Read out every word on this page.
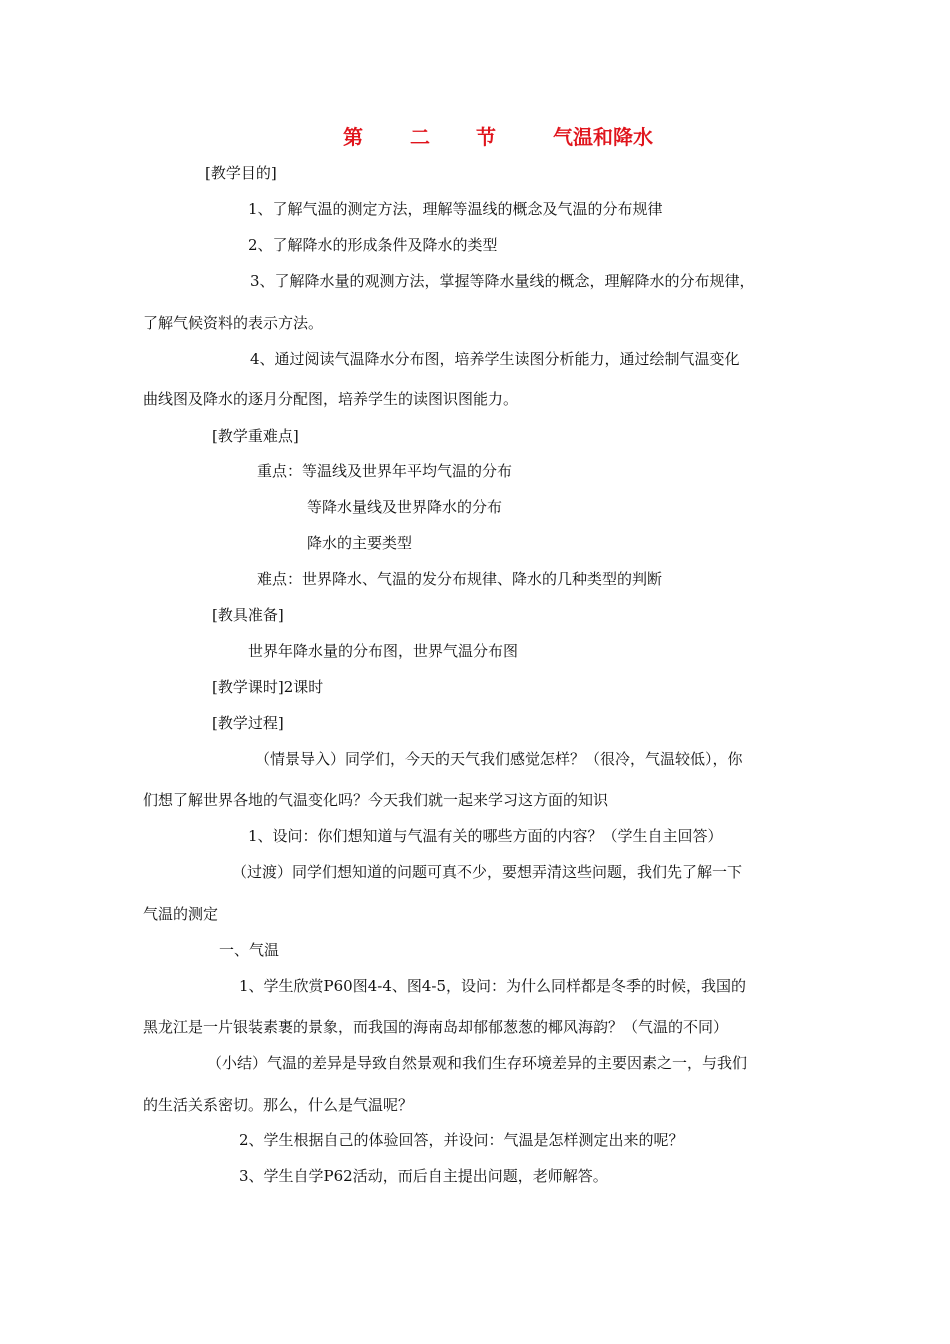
第 二 节	气温和降水
[教学目的]
1、了解气温的测定方法，理解等温线的概念及气温的分布规律
2、了解降水的形成条件及降水的类型
3、了解降水量的观测方法，掌握等降水量线的概念，理解降水的分布规律，
了解气候资料的表示方法。
4、通过阅读气温降水分布图，培养学生读图分析能力，通过绘制气温变化
曲线图及降水的逐月分配图，培养学生的读图识图能力。
[教学重难点]
重点：等温线及世界年平均气温的分布
等降水量线及世界降水的分布
降水的主要类型
难点：世界降水、气温的发分布规律、降水的几种类型的判断
[教具准备]
世界年降水量的分布图，世界气温分布图
[教学课时]2课时
[教学过程]
（情景导入）同学们，今天的天气我们感觉怎样？（很冷，气温较低），你
们想了解世界各地的气温变化吗？今天我们就一起来学习这方面的知识
1、设问：你们想知道与气温有关的哪些方面的内容？（学生自主回答）
（过渡）同学们想知道的问题可真不少，要想弄清这些问题，我们先了解一下
气温的测定
一、气温
1、学生欣赏P60图4-4、图4-5，设问：为什么同样都是冬季的时候，我国的
黑龙江是一片银装素裹的景象，而我国的海南岛却郁郁葱葱的椰风海韵？（气温的不同）
（小结）气温的差异是导致自然景观和我们生存环境差异的主要因素之一，与我们
的生活关系密切。那么，什么是气温呢？
2、学生根据自己的体验回答，并设问：气温是怎样测定出来的呢？
3、学生自学P62活动，而后自主提出问题，老师解答。
